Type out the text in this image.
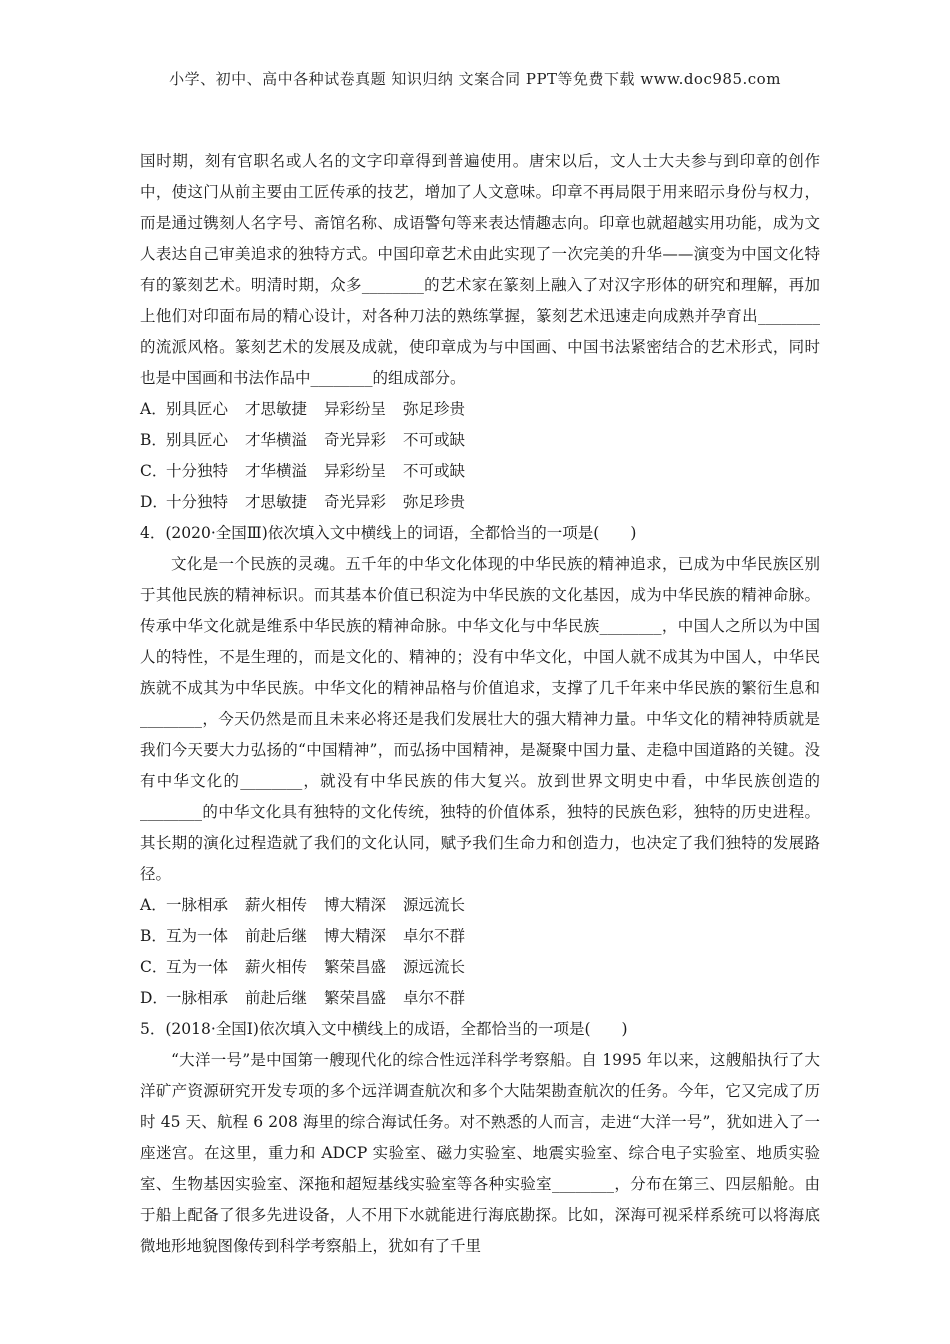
小学、初中、高中各种试卷真题 知识归纳 文案合同 PPT等免费下载 www.doc985.com

国时期，刻有官职名或人名的文字印章得到普遍使用。唐宋以后，文人士大夫参与到印章的创作中，使这门从前主要由工匠传承的技艺，增加了人文意味。印章不再局限于用来昭示身份与权力，而是通过镌刻人名字号、斋馆名称、成语警句等来表达情趣志向。印章也就超越实用功能，成为文人表达自己审美追求的独特方式。中国印章艺术由此实现了一次完美的升华——演变为中国文化特有的篆刻艺术。明清时期，众多________的艺术家在篆刻上融入了对汉字形体的研究和理解，再加上他们对印面布局的精心设计，对各种刀法的熟练掌握，篆刻艺术迅速走向成熟并孕育出________的流派风格。篆刻艺术的发展及成就，使印章成为与中国画、中国书法紧密结合的艺术形式，同时也是中国画和书法作品中________的组成部分。

A．别具匠心 才思敏捷 异彩纷呈 弥足珍贵
B．别具匠心 才华横溢 奇光异彩 不可或缺
C．十分独特 才华横溢 异彩纷呈 不可或缺
D．十分独特 才思敏捷 奇光异彩 弥足珍贵
4．(2020·全国Ⅲ)依次填入文中横线上的词语，全都恰当的一项是(　　)

文化是一个民族的灵魂。五千年的中华文化体现的中华民族的精神追求，已成为中华民族区别于其他民族的精神标识。而其基本价值已积淀为中华民族的文化基因，成为中华民族的精神命脉。传承中华文化就是维系中华民族的精神命脉。中华文化与中华民族________，中国人之所以为中国人的特性，不是生理的，而是文化的、精神的；没有中华文化，中国人就不成其为中国人，中华民族就不成其为中华民族。中华文化的精神品格与价值追求，支撑了几千年来中华民族的繁衍生息和________，今天仍然是而且未来必将还是我们发展壮大的强大精神力量。中华文化的精神特质就是我们今天要大力弘扬的“中国精神”，而弘扬中国精神，是凝聚中国力量、走稳中国道路的关键。没有中华文化的________，就没有中华民族的伟大复兴。放到世界文明史中看，中华民族创造的________的中华文化具有独特的文化传统，独特的价值体系，独特的民族色彩，独特的历史进程。其长期的演化过程造就了我们的文化认同，赋予我们生命力和创造力，也决定了我们独特的发展路径。

A．一脉相承 薪火相传 博大精深 源远流长
B．互为一体 前赴后继 博大精深 卓尔不群
C．互为一体 薪火相传 繁荣昌盛 源远流长
D．一脉相承 前赴后继 繁荣昌盛 卓尔不群
5．(2018·全国Ⅰ)依次填入文中横线上的成语，全都恰当的一项是(　　)

“大洋一号”是中国第一艘现代化的综合性远洋科学考察船。自 1995 年以来，这艘船执行了大洋矿产资源研究开发专项的多个远洋调查航次和多个大陆架勘查航次的任务。今年，它又完成了历时 45 天、航程 6 208 海里的综合海试任务。对不熟悉的人而言，走进“大洋一号”，犹如进入了一座迷宫。在这里，重力和 ADCP 实验室、磁力实验室、地震实验室、综合电子实验室、地质实验室、生物基因实验室、深拖和超短基线实验室等各种实验室________，分布在第三、四层船舱。由于船上配备了很多先进设备，人不用下水就能进行海底勘探。比如，深海可视采样系统可以将海底微地形地貌图像传到科学考察船上，犹如有了千里
